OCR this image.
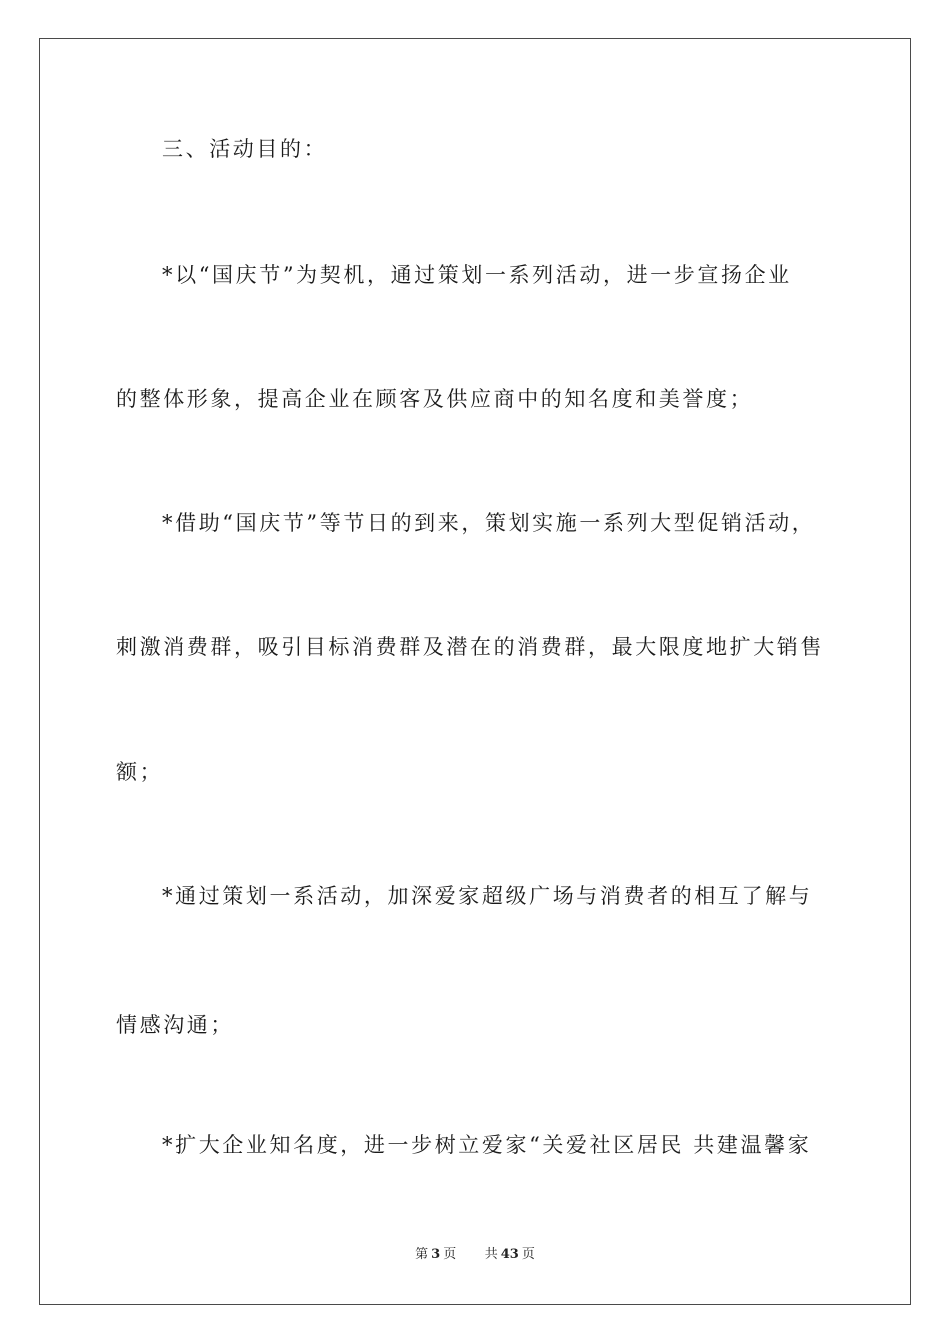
三、活动目的：
*以“国庆节”为契机，通过策划一系列活动，进一步宣扬企业
的整体形象，提高企业在顾客及供应商中的知名度和美誉度；
*借助“国庆节”等节日的到来，策划实施一系列大型促销活动，
刺激消费群，吸引目标消费群及潜在的消费群，最大限度地扩大销售
额；
*通过策划一系活动，加深爱家超级广场与消费者的相互了解与
情感沟通；
*扩大企业知名度，进一步树立爱家“关爱社区居民 共建温馨家
第 3 页 共 43 页
